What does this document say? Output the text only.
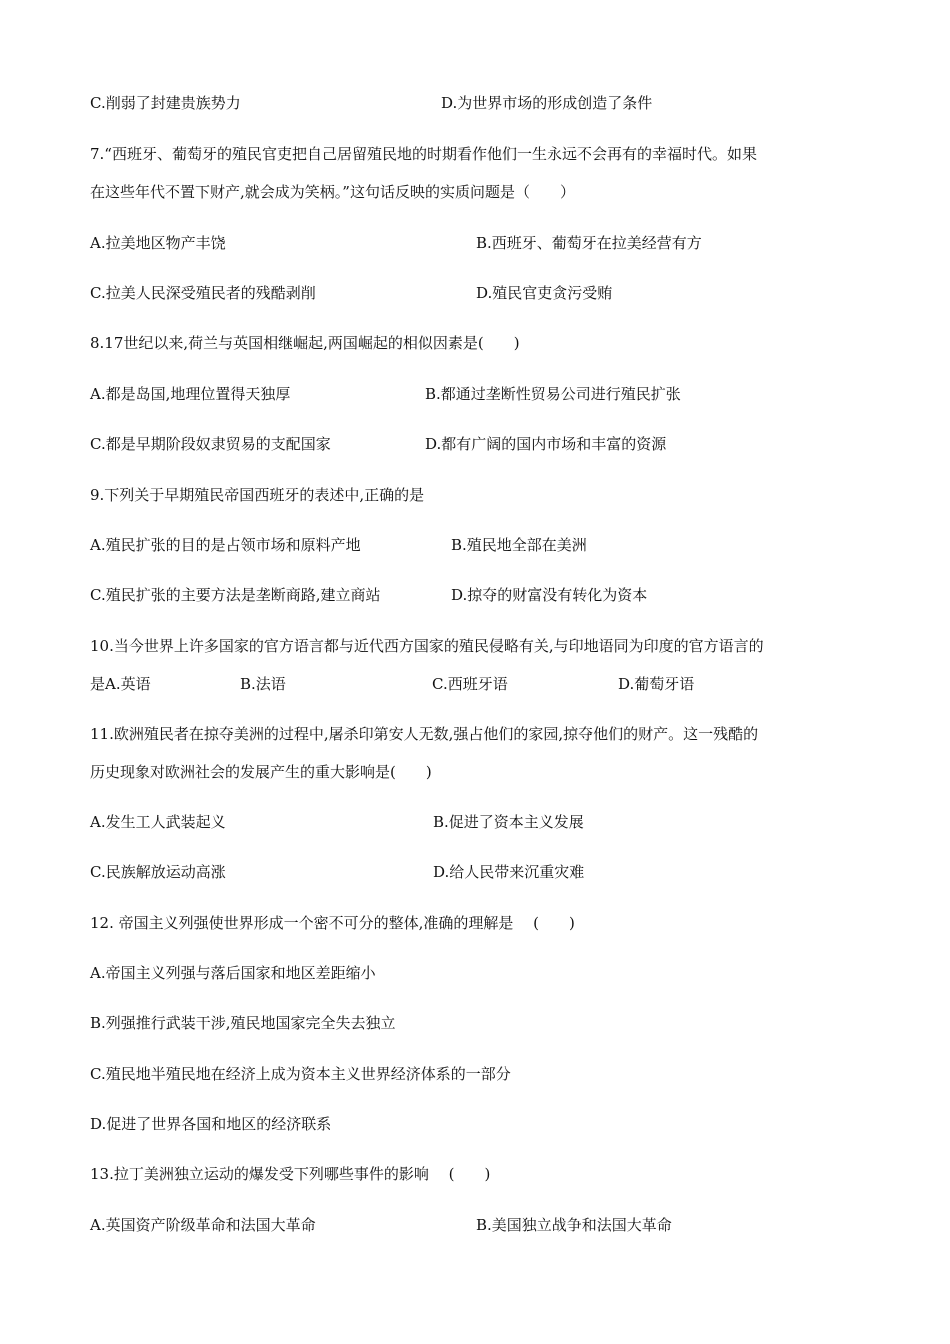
C.削弱了封建贵族势力	D.为世界市场的形成创造了条件
7.“西班牙、葡萄牙的殖民官吏把自己居留殖民地的时期看作他们一生永远不会再有的幸福时代。如果
在这些年代不置下财产,就会成为笑柄。”这句话反映的实质问题是（　　）
A.拉美地区物产丰饶	B.西班牙、葡萄牙在拉美经营有方
C.拉美人民深受殖民者的残酷剥削	D.殖民官吏贪污受贿
8.17世纪以来,荷兰与英国相继崛起,两国崛起的相似因素是(　　)
A.都是岛国,地理位置得天独厚	B.都通过垄断性贸易公司进行殖民扩张
C.都是早期阶段奴隶贸易的支配国家	D.都有广阔的国内市场和丰富的资源
9.下列关于早期殖民帝国西班牙的表述中,正确的是
A.殖民扩张的目的是占领市场和原料产地	B.殖民地全部在美洲
C.殖民扩张的主要方法是垄断商路,建立商站	D.掠夺的财富没有转化为资本
10.当今世界上许多国家的官方语言都与近代西方国家的殖民侵略有关,与印地语同为印度的官方语言的
是A.英语	B.法语	C.西班牙语	D.葡萄牙语
11.欧洲殖民者在掠夺美洲的过程中,屠杀印第安人无数,强占他们的家园,掠夺他们的财产。这一残酷的
历史现象对欧洲社会的发展产生的重大影响是(　　)
A.发生工人武装起义	B.促进了资本主义发展
C.民族解放运动高涨	D.给人民带来沉重灾难
12. 帝国主义列强使世界形成一个密不可分的整体,准确的理解是　 (　　)
A.帝国主义列强与落后国家和地区差距缩小
B.列强推行武装干涉,殖民地国家完全失去独立
C.殖民地半殖民地在经济上成为资本主义世界经济体系的一部分
D.促进了世界各国和地区的经济联系
13.拉丁美洲独立运动的爆发受下列哪些事件的影响　 (　　)
A.英国资产阶级革命和法国大革命	B.美国独立战争和法国大革命
